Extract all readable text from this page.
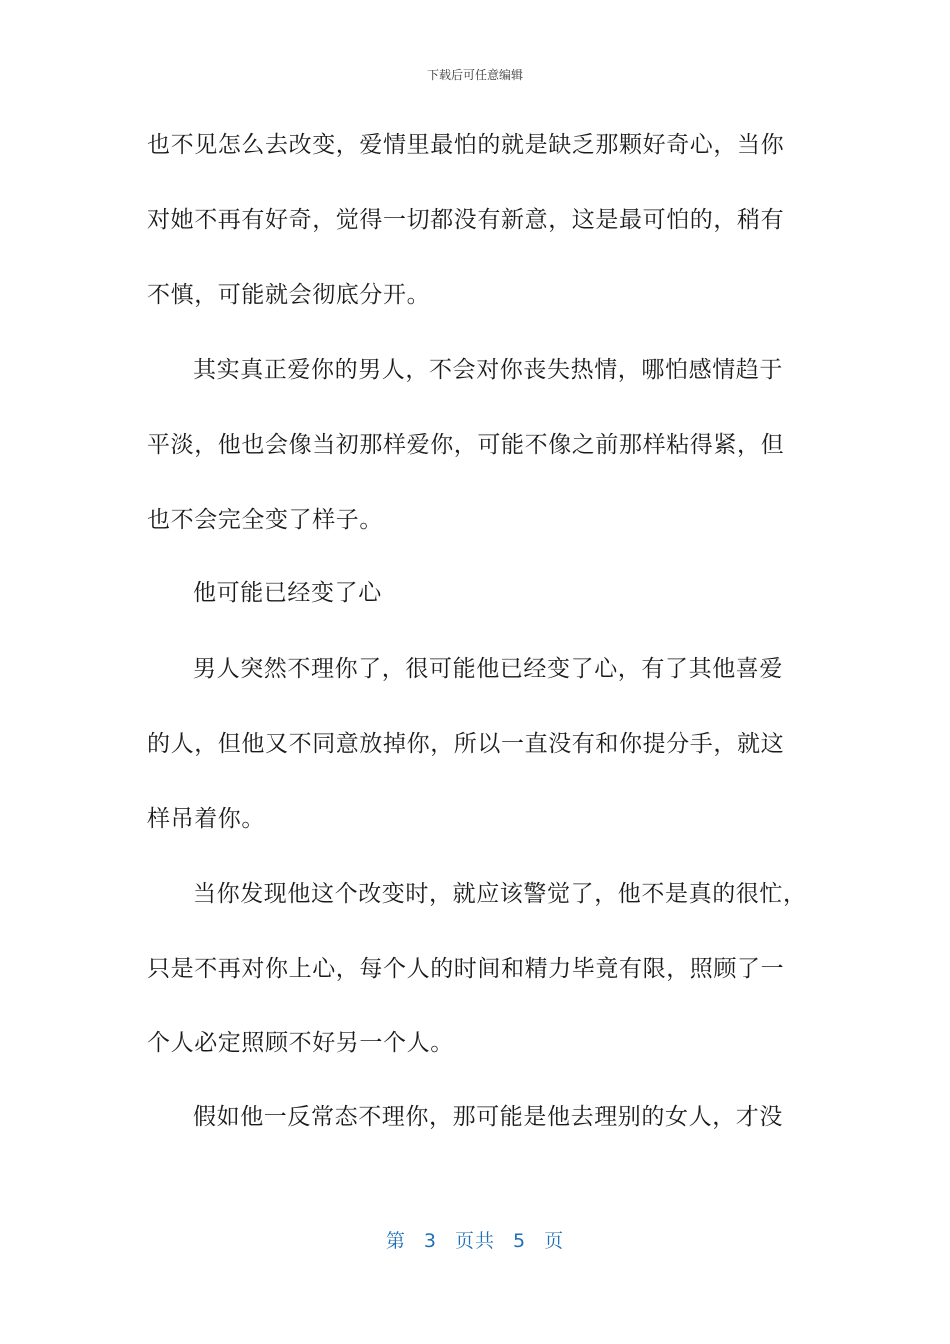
下载后可任意编辑
也不见怎么去改变，爱情里最怕的就是缺乏那颗好奇心，当你
对她不再有好奇，觉得一切都没有新意，这是最可怕的，稍有
不慎，可能就会彻底分开。
其实真正爱你的男人，不会对你丧失热情，哪怕感情趋于
平淡，他也会像当初那样爱你，可能不像之前那样粘得紧，但
也不会完全变了样子。
他可能已经变了心
男人突然不理你了，很可能他已经变了心，有了其他喜爱
的人，但他又不同意放掉你，所以一直没有和你提分手，就这
样吊着你。
当你发现他这个改变时，就应该警觉了，他不是真的很忙，
只是不再对你上心，每个人的时间和精力毕竟有限，照顾了一
个人必定照顾不好另一个人。
假如他一反常态不理你，那可能是他去理别的女人，才没
第 3 页共 5 页
